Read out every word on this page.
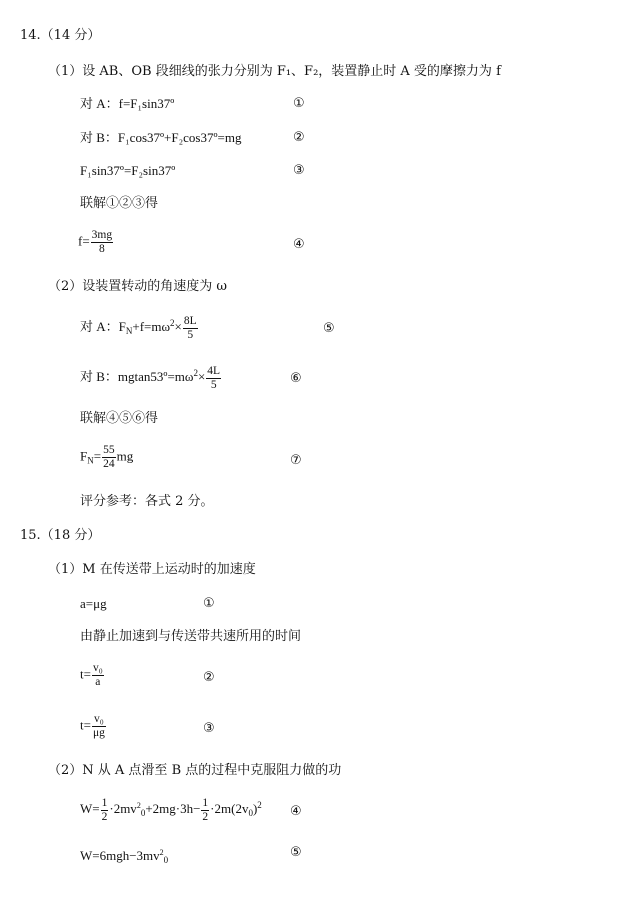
14.（14 分）
（1）设 AB、OB 段细线的张力分别为 F₁、F₂，装置静止时 A 受的摩擦力为 f
对 A：f=F₁sin37º	①
对 B：F₁cos37º+F₂cos37º=mg	②
F₁sin37º=F₂sin37º	③
联解①②③得
$f= \frac{3mg}{8}$	④
（2）设装置转动的角速度为 ω
对 A：$F_N+f=m\omega^2\times \frac{8L}{5}$	⑤
对 B：$mgtan53º=m\omega^2\times \frac{4L}{5}$	⑥
联解④⑤⑥得
$F_N= \frac{55}{24}$ mg	⑦
评分参考：各式 2 分。
15.（18 分）
（1）M 在传送带上运动时的加速度
a=μg	①
由静止加速到与传送带共速所用的时间
$t= \frac{\text{v₀}}{a}$	②
$t= \frac{\text{v₀}}{\mu g}$	③
（2）N 从 A 点滑至 B 点的过程中克服阻力做的功
$W= \frac{1}{2} \cdot 2mv^2_0+2mg\cdot 3h- \frac{1}{2} \cdot 2m(2v_0)^2$ ④
$W=6mgh-3mv^2_0$	⑤
